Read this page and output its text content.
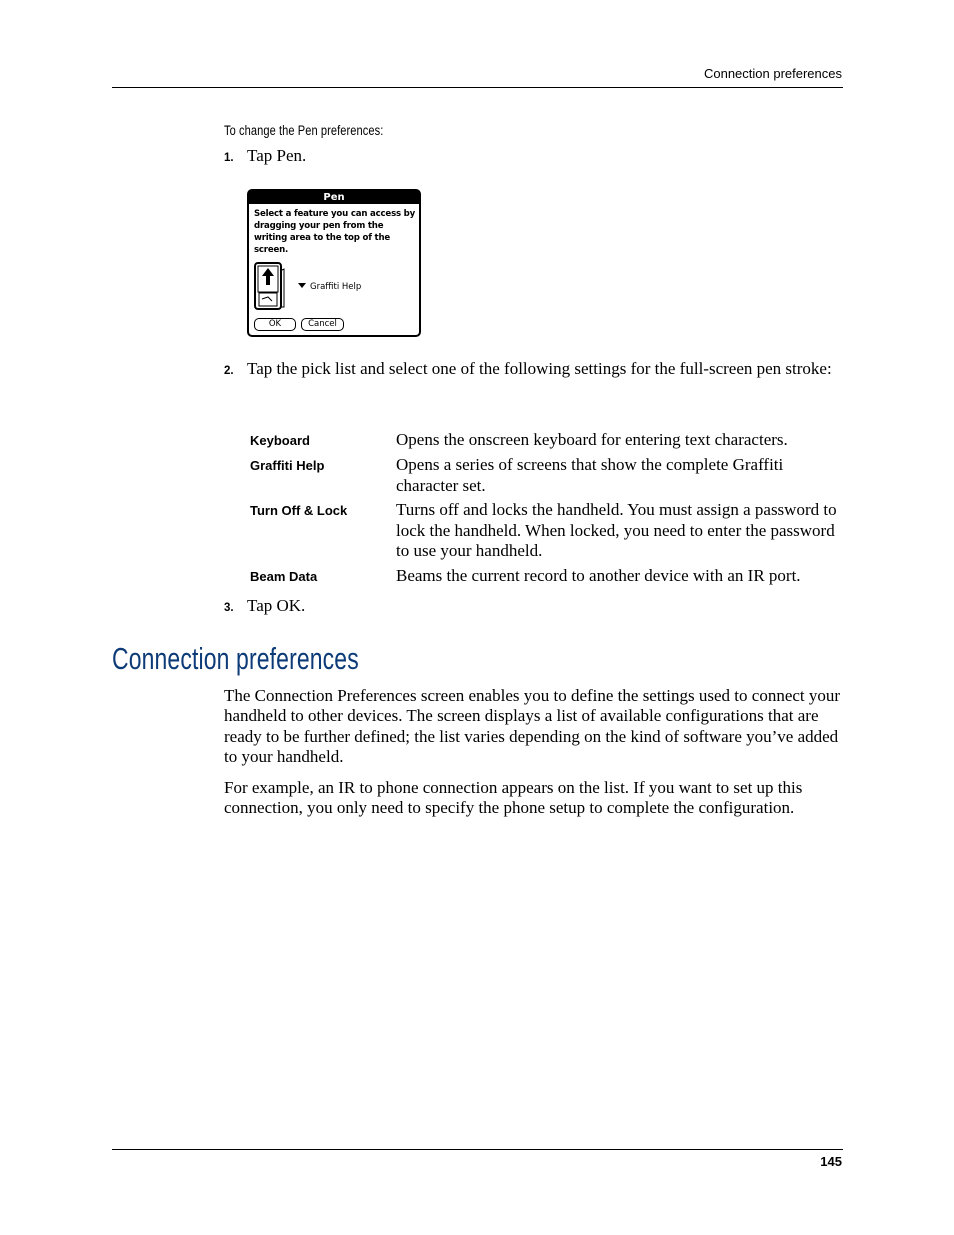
Connection preferences
To change the Pen preferences:
1. Tap Pen.
Pen
Select a feature you can access by dragging your pen from the writing area to the top of the screen.
Graffiti Help
OK	Cancel
2. Tap the pick list and select one of the following settings for the full-screen pen stroke:
Keyboard	Opens the onscreen keyboard for entering text characters.
Graffiti Help	Opens a series of screens that show the complete Graffiti character set.
Turn Off & Lock	Turns off and locks the handheld. You must assign a password to lock the handheld. When locked, you need to enter the password to use your handheld.
Beam Data	Beams the current record to another device with an IR port.
3. Tap OK.
Connection preferences
The Connection Preferences screen enables you to define the settings used to connect your handheld to other devices. The screen displays a list of available configurations that are ready to be further defined; the list varies depending on the kind of software you’ve added to your handheld.
For example, an IR to phone connection appears on the list. If you want to set up this connection, you only need to specify the phone setup to complete the configuration.
145
